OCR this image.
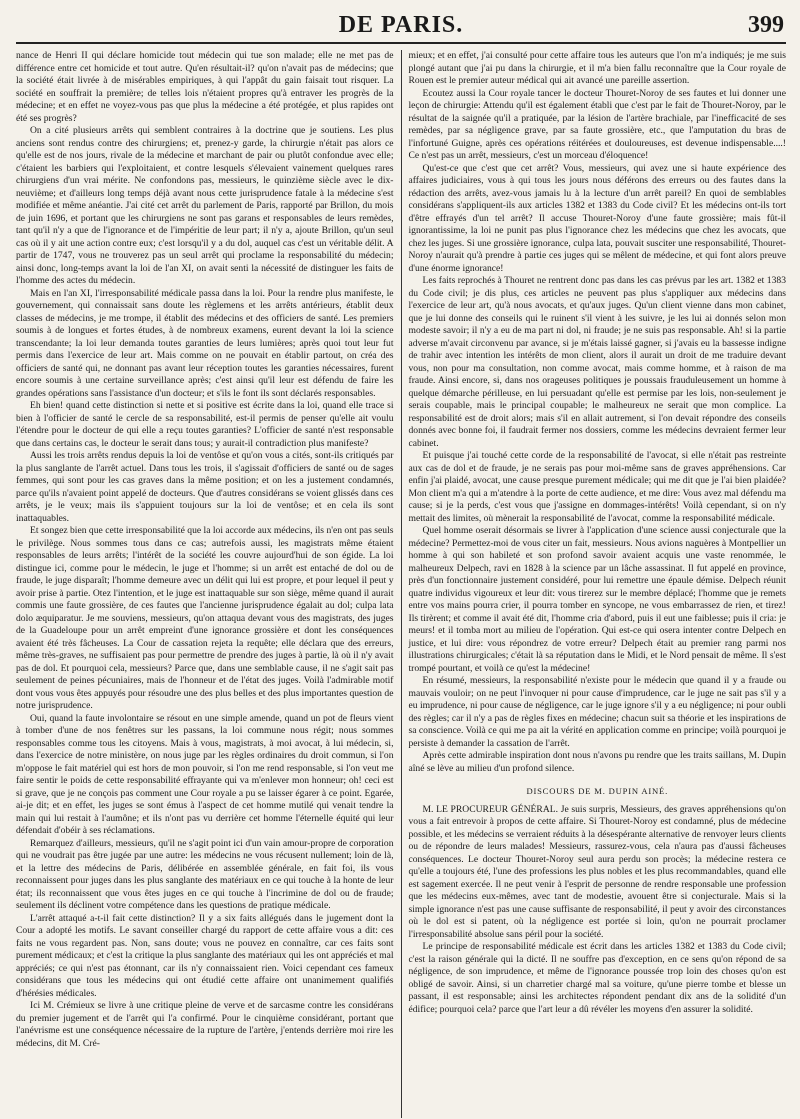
DE PARIS.	399

nance de Henri II qui déclare homicide tout médecin qui tue son malade; elle ne met pas de différence entre cet homicide et tout autre. Qu'en résultait-il? qu'on n'avait pas de médecins; que la société était livrée à de misérables empiriques, à qui l'appât du gain faisait tout risquer. La société en souffrait la première; de telles lois n'étaient propres qu'à entraver les progrès de la médecine; et en effet ne voyez-vous pas que plus la médecine a été protégée, et plus rapides ont été ses progrès?

On a cité plusieurs arrêts qui semblent contraires à la doctrine que je soutiens. Les plus anciens sont rendus contre des chirurgiens; et, prenez-y garde, la chirurgie n'était pas alors ce qu'elle est de nos jours, rivale de la médecine et marchant de pair ou plutôt confondue avec elle; c'étaient les barbiers qui l'exploitaient, et contre lesquels s'élevaient vainement quelques rares chirurgiens d'un vrai mérite. Ne confondons pas, messieurs, le quinzième siècle avec le dix-neuvième; et d'ailleurs long temps déjà avant nous cette jurisprudence fatale à la médecine s'est modifiée et même anéantie. J'ai cité cet arrêt du parlement de Paris, rapporté par Brillon, du mois de juin 1696, et portant que les chirurgiens ne sont pas garans et responsables de leurs remèdes, tant qu'il n'y a que de l'ignorance et de l'impéritie de leur part; il n'y a, ajoute Brillon, qu'un seul cas où il y ait une action contre eux; c'est lorsqu'il y a du dol, auquel cas c'est un véritable délit. A partir de 1747, vous ne trouverez pas un seul arrêt qui proclame la responsabilité du médecin; ainsi donc, long-temps avant la loi de l'an XI, on avait senti la nécessité de distinguer les faits de l'homme des actes du médecin.

Mais en l'an XI, l'irresponsabilité médicale passa dans la loi. Pour la rendre plus manifeste, le gouvernement, qui connaissait sans doute les règlemens et les arrêts antérieurs, établit deux classes de médecins, je me trompe, il établit des médecins et des officiers de santé. Les premiers soumis à de longues et fortes études, à de nombreux examens, eurent devant la loi la science transcendante; la loi leur demanda toutes garanties de leurs lumières; après quoi tout leur fut permis dans l'exercice de leur art. Mais comme on ne pouvait en établir partout, on créa des officiers de santé qui, ne donnant pas avant leur réception toutes les garanties nécessaires, furent encore soumis à une certaine surveillance après; c'est ainsi qu'il leur est défendu de faire les grandes opérations sans l'assistance d'un docteur; et s'ils le font ils sont déclarés responsables.

Eh bien! quand cette distinction si nette et si positive est écrite dans la loi, quand elle trace si bien à l'officier de santé le cercle de sa responsabilité, est-il permis de penser qu'elle ait voulu l'étendre pour le docteur de qui elle a reçu toutes garanties? L'officier de santé n'est responsable que dans certains cas, le docteur le serait dans tous; y aurait-il contradiction plus manifeste?

Aussi les trois arrêts rendus depuis la loi de ventôse et qu'on vous a cités, sont-ils critiqués par la plus sanglante de l'arrêt actuel. Dans tous les trois, il s'agissait d'officiers de santé ou de sages femmes, qui sont pour les cas graves dans la même position; et on les a justement condamnés, parce qu'ils n'avaient point appelé de docteurs. Que d'autres considérans se voient glissés dans ces arrêts, je le veux; mais ils s'appuient toujours sur la loi de ventôse; et en cela ils sont inattaquables.

Et songez bien que cette irresponsabilité que la loi accorde aux médecins, ils n'en ont pas seuls le privilège. Nous sommes tous dans ce cas; autrefois aussi, les magistrats même étaient responsables de leurs arrêts; l'intérêt de la société les couvre aujourd'hui de son égide. La loi distingue ici, comme pour le médecin, le juge et l'homme; si un arrêt est entaché de dol ou de fraude, le juge disparaît; l'homme demeure avec un délit qui lui est propre, et pour lequel il peut y avoir prise à partie. Otez l'intention, et le juge est inattaquable sur son siège, même quand il aurait commis une faute grossière, de ces fautes que l'ancienne jurisprudence égalait au dol; culpa lata dolo æquiparatur. Je me souviens, messieurs, qu'on attaqua devant vous des magistrats, des juges de la Guadeloupe pour un arrêt empreint d'une ignorance grossière et dont les conséquences avaient été très fâcheuses. La Cour de cassation rejeta la requête; elle déclara que des erreurs, même très-graves, ne suffisaient pas pour permettre de prendre des juges à partie, là où il n'y avait pas de dol. Et pourquoi cela, messieurs? Parce que, dans une semblable cause, il ne s'agit sait pas seulement de peines pécuniaires, mais de l'honneur et de l'état des juges. Voilà l'admirable motif dont vous vous êtes appuyés pour résoudre une des plus belles et des plus importantes question de notre jurisprudence.

Oui, quand la faute involontaire se résout en une simple amende, quand un pot de fleurs vient à tomber d'une de nos fenêtres sur les passans, la loi commune nous régit; nous sommes responsables comme tous les citoyens. Mais à vous, magistrats, à moi avocat, à lui médecin, si, dans l'exercice de notre ministère, on nous juge par les règles ordinaires du droit commun, si l'on m'oppose le fait matériel qui est hors de mon pouvoir, si l'on me rend responsable, si l'on veut me faire sentir le poids de cette responsabilité effrayante qui va m'enlever mon honneur; oh! ceci est si grave, que je ne conçois pas comment une Cour royale a pu se laisser égarer à ce point. Egarée, ai-je dit; et en effet, les juges se sont émus à l'aspect de cet homme mutilé qui venait tendre la main qui lui restait à l'aumône; et ils n'ont pas vu derrière cet homme l'éternelle équité qui leur défendait d'obéir à ses réclamations.

Remarquez d'ailleurs, messieurs, qu'il ne s'agit point ici d'un vain amour-propre de corporation qui ne voudrait pas être jugée par une autre: les médecins ne vous récusent nullement; loin de là, et la lettre des médecins de Paris, délibérée en assemblée générale, en fait foi, ils vous reconnaissent pour juges dans les plus sanglante des matériaux en ce qui touche à la honte de leur état; ils reconnaissent que vous êtes juges en ce qui touche à l'incrimine de dol ou de fraude; seulement ils déclinent votre compétence dans les questions de pratique médicale.

L'arrêt attaqué a-t-il fait cette distinction? Il y a six faits allégués dans le jugement dont la Cour a adopté les motifs. Le savant conseiller chargé du rapport de cette affaire vous a dit: ces faits ne vous regardent pas. Non, sans doute; vous ne pouvez en connaître, car ces faits sont purement médicaux; et c'est la critique la plus sanglante des matériaux qui les ont appréciés et mal appréciés; ce qui n'est pas étonnant, car ils n'y connaissaient rien. Voici cependant ces fameux considérans que tous les médecins qui ont étudié cette affaire ont unanimement qualifiés d'hérésies médicales.

Ici M. Crémieux se livre à une critique pleine de verve et de sarcasme contre les considérans du premier jugement et de l'arrêt qui l'a confirmé. Pour le cinquième considérant, portant que l'anévrisme est une conséquence nécessaire de la rupture de l'artère, j'entends derrière moi rire les médecins, dit M. Cré-

mieux; et en effet, j'ai consulté pour cette affaire tous les auteurs que l'on m'a indiqués; je me suis plongé autant que j'ai pu dans la chirurgie, et il m'a bien fallu reconnaître que la Cour royale de Rouen est le premier auteur médical qui ait avancé une pareille assertion.

Ecoutez aussi la Cour royale tancer le docteur Thouret-Noroy de ses fautes et lui donner une leçon de chirurgie: Attendu qu'il est également établi que c'est par le fait de Thouret-Noroy, par le résultat de la saignée qu'il a pratiquée, par la lésion de l'artère brachiale, par l'inefficacité de ses remèdes, par sa négligence grave, par sa faute grossière, etc., que l'amputation du bras de l'infortuné Guigne, après ces opérations réitérées et douloureuses, est devenue indispensable....! Ce n'est pas un arrêt, messieurs, c'est un morceau d'éloquence!

Qu'est-ce que c'est que cet arrêt? Vous, messieurs, qui avez une si haute expérience des affaires judiciaires, vous à qui tous les jours nous déférons des erreurs ou des fautes dans la rédaction des arrêts, avez-vous jamais lu à la lecture d'un arrêt pareil? En quoi de semblables considérans s'appliquent-ils aux articles 1382 et 1383 du Code civil? Et les médecins ont-ils tort d'être effrayés d'un tel arrêt? Il accuse Thouret-Noroy d'une faute grossière; mais fût-il ignorantissime, la loi ne punit pas plus l'ignorance chez les médecins que chez les avocats, que chez les juges. Si une grossière ignorance, culpa lata, pouvait susciter une responsabilité, Thouret-Noroy n'aurait qu'à prendre à partie ces juges qui se mêlent de médecine, et qui font alors preuve d'une énorme ignorance!

Les faits reprochés à Thouret ne rentrent donc pas dans les cas prévus par les art. 1382 et 1383 du Code civil; je dis plus, ces articles ne peuvent pas plus s'appliquer aux médecins dans l'exercice de leur art, qu'à nous avocats, et qu'aux juges. Qu'un client vienne dans mon cabinet, que je lui donne des conseils qui le ruinent s'il vient à les suivre, je les lui ai donnés selon mon modeste savoir; il n'y a eu de ma part ni dol, ni fraude; je ne suis pas responsable. Ah! si la partie adverse m'avait circonvenu par avance, si je m'étais laissé gagner, si j'avais eu la bassesse indigne de trahir avec intention les intérêts de mon client, alors il aurait un droit de me traduire devant vous, non pour ma consultation, non comme avocat, mais comme homme, et à raison de ma fraude. Ainsi encore, si, dans nos orageuses politiques je poussais frauduleusement un homme à quelque démarche périlleuse, en lui persuadant qu'elle est permise par les lois, non-seulement je serais coupable, mais le principal coupable; le malheureux ne serait que mon complice. La responsabilité est de droit alors; mais s'il en allait autrement, si l'on devait répondre des conseils donnés avec bonne foi, il faudrait fermer nos dossiers, comme les médecins devraient fermer leur cabinet.

Et puisque j'ai touché cette corde de la responsabilité de l'avocat, si elle n'était pas restreinte aux cas de dol et de fraude, je ne serais pas pour moi-même sans de graves appréhensions. Car enfin j'ai plaidé, avocat, une cause presque purement médicale; qui me dit que je l'ai bien plaidée? Mon client m'a qui a m'atendre à la porte de cette audience, et me dire: Vous avez mal défendu ma cause; si je la perds, c'est vous que j'assigne en dommages-intérêts! Voilà cependant, si on n'y mettait des limites, où mènerait la responsabilité de l'avocat, comme la responsabilité médicale.

Quel homme oserait désormais se livrer à l'application d'une science aussi conjecturale que la médecine? Permettez-moi de vous citer un fait, messieurs. Nous avions naguères à Montpellier un homme à qui son habileté et son profond savoir avaient acquis une vaste renommée, le malheureux Delpech, ravi en 1828 à la science par un lâche assassinat. Il fut appelé en province, près d'un fonctionnaire justement considéré, pour lui remettre une épaule démise. Delpech réunit quatre individus vigoureux et leur dit: vous tirerez sur le membre déplacé; l'homme que je remets entre vos mains pourra crier, il pourra tomber en syncope, ne vous embarrassez de rien, et tirez! Ils tirèrent; et comme il avait été dit, l'homme cria d'abord, puis il eut une faiblesse; puis il cria: je meurs! et il tomba mort au milieu de l'opération. Qui est-ce qui osera intenter contre Delpech en justice, et lui dire: vous répondrez de votre erreur? Delpech était au premier rang parmi nos illustrations chirurgicales; c'était là sa réputation dans le Midi, et le Nord pensait de même. Il s'est trompé pourtant, et voilà ce qu'est la médecine!

En résumé, messieurs, la responsabilité n'existe pour le médecin que quand il y a fraude ou mauvais vouloir; on ne peut l'invoquer ni pour cause d'imprudence, car le juge ne sait pas s'il y a eu imprudence, ni pour cause de négligence, car le juge ignore s'il y a eu négligence; ni pour oubli des règles; car il n'y a pas de règles fixes en médecine; chacun suit sa théorie et les inspirations de sa conscience. Voilà ce qui me pa ait la vérité en application comme en principe; voilà pourquoi je persiste à demander la cassation de l'arrêt.

Après cette admirable inspiration dont nous n'avons pu rendre que les traits saillans, M. Dupin aîné se lève au milieu d'un profond silence.

DISCOURS DE M. DUPIN AINÉ.

M. LE PROCUREUR GÉNÉRAL. Je suis surpris, Messieurs, des graves appréhensions qu'on vous a fait entrevoir à propos de cette affaire. Si Thouret-Noroy est condamné, plus de médecine possible, et les médecins se verraient réduits à la désespérante alternative de renvoyer leurs clients ou de répondre de leurs malades! Messieurs, rassurez-vous, cela n'aura pas d'aussi fâcheuses conséquences. Le docteur Thouret-Noroy seul aura perdu son procès; la médecine restera ce qu'elle a toujours été, l'une des professions les plus nobles et les plus recommandables, quand elle est sagement exercée. Il ne peut venir à l'esprit de personne de rendre responsable une profession que les médecins eux-mêmes, avec tant de modestie, avouent être si conjecturale. Mais si la simple ignorance n'est pas une cause suffisante de responsabilité, il peut y avoir des circonstances où le dol est si patent, où la négligence est portée si loin, qu'on ne pourrait proclamer l'irresponsabilité absolue sans péril pour la société.

Le principe de responsabilité médicale est écrit dans les articles 1382 et 1383 du Code civil; c'est la raison générale qui la dicté. Il ne souffre pas d'exception, en ce sens qu'on répond de sa négligence, de son imprudence, et même de l'ignorance poussée trop loin des choses qu'on est obligé de savoir. Ainsi, si un charretier chargé mal sa voiture, qu'une pierre tombe et blesse un passant, il est responsable; ainsi les architectes répondent pendant dix ans de la solidité d'un édifice; pourquoi cela? parce que l'art leur a dû révéler les moyens d'en assurer la solidité.
